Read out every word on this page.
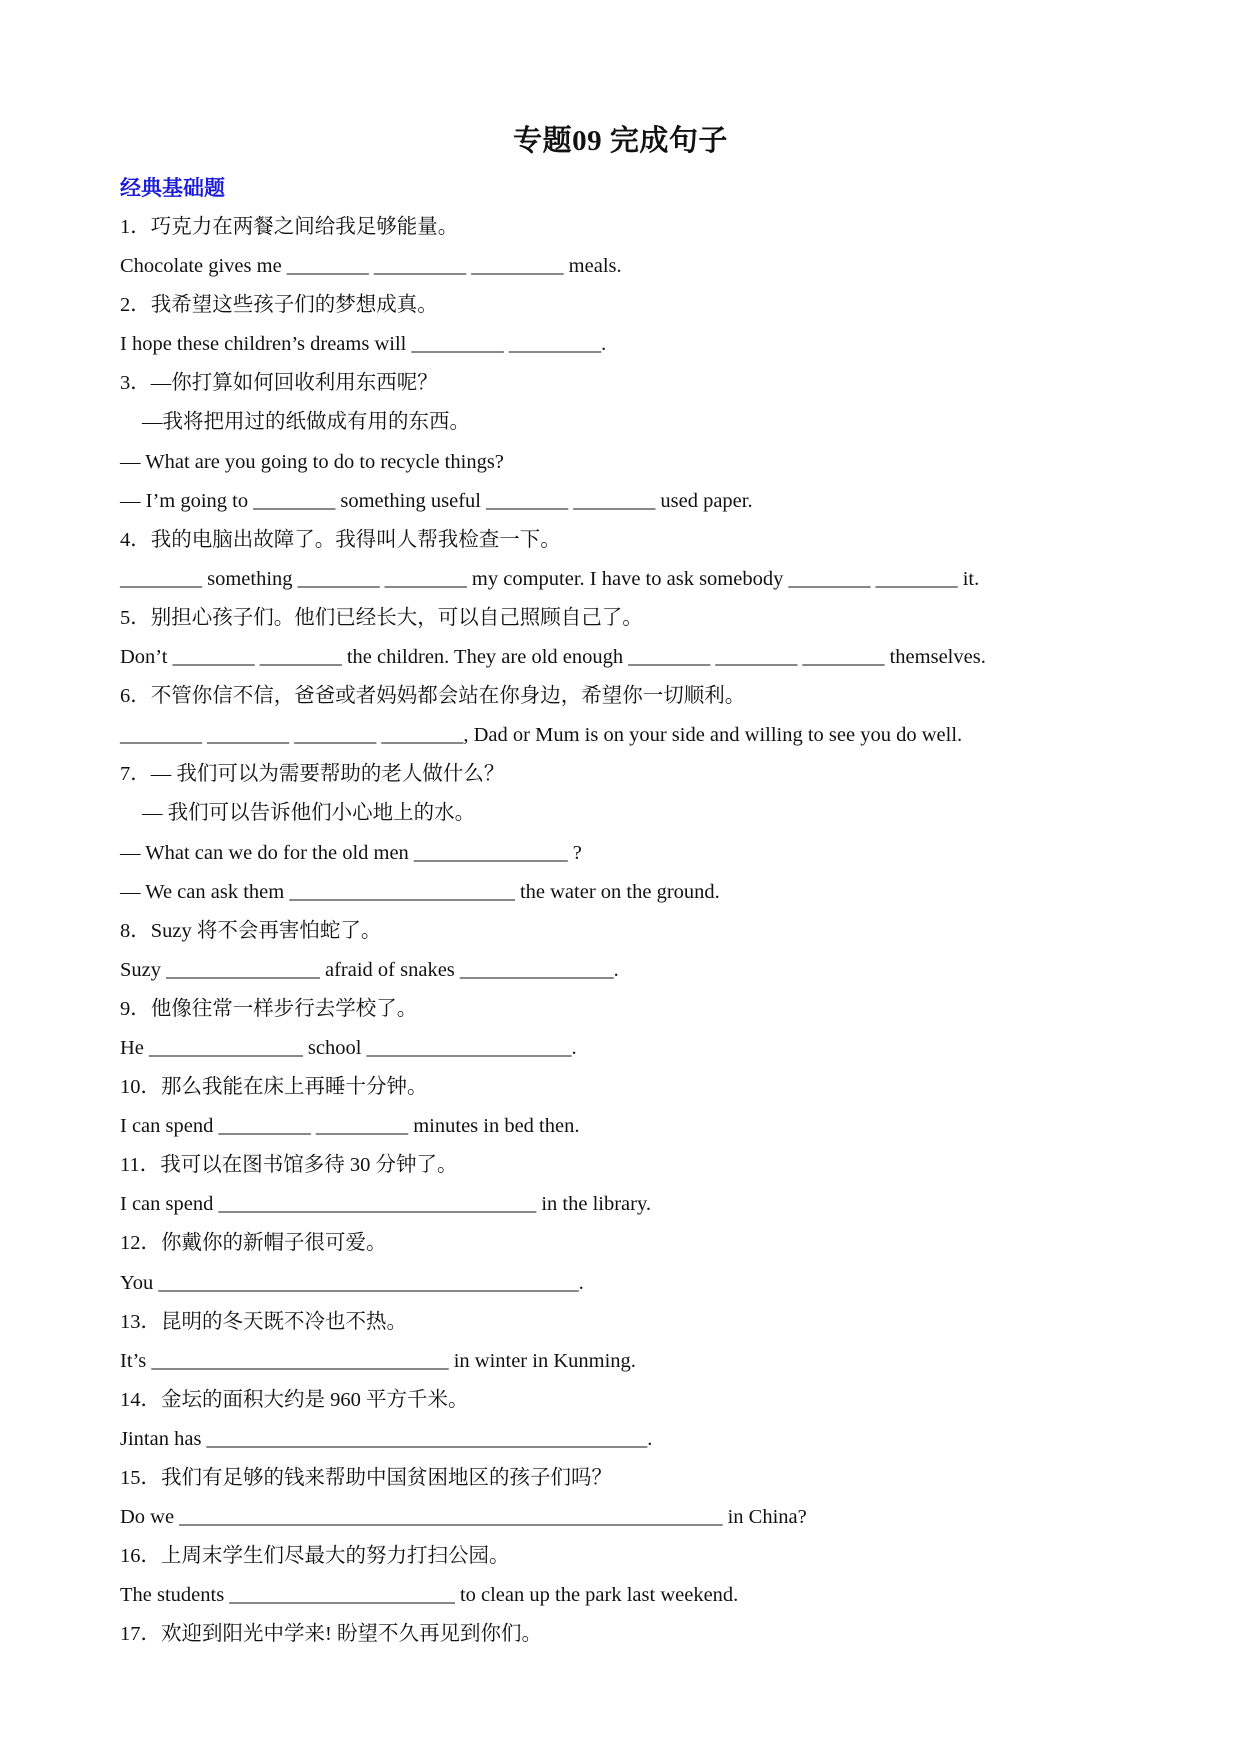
专题09 完成句子
经典基础题
1．巧克力在两餐之间给我足够能量。
Chocolate gives me ________ _________ _________ meals.
2．我希望这些孩子们的梦想成真。
I hope these children’s dreams will _________ _________.
3．—你打算如何回收利用东西呢？
—我将把用过的纸做成有用的东西。
— What are you going to do to recycle things?
— I’m going to ________ something useful ________ ________ used paper.
4．我的电脑出故障了。我得叫人帮我检查一下。
________ something ________ ________ my computer. I have to ask somebody ________ ________ it.
5．别担心孩子们。他们已经长大，可以自己照顾自己了。
Don’t ________ ________ the children. They are old enough ________ ________ ________ themselves.
6．不管你信不信，爸爸或者妈妈都会站在你身边，希望你一切顺利。
________ ________ ________ ________, Dad or Mum is on your side and willing to see you do well.
7．— 我们可以为需要帮助的老人做什么？
— 我们可以告诉他们小心地上的水。
— What can we do for the old men _______________ ?
— We can ask them ______________________ the water on the ground.
8．Suzy 将不会再害怕蛇了。
Suzy _______________ afraid of snakes _______________.
9．他像往常一样步行去学校了。
He _______________ school ____________________.
10．那么我能在床上再睡十分钟。
I can spend _________ _________ minutes in bed then.
11．我可以在图书馆多待 30 分钟了。
I can spend _______________________________ in the library.
12．你戴你的新帽子很可爱。
You _________________________________________.
13．昆明的冬天既不冷也不热。
It’s _____________________________ in winter in Kunming.
14．金坛的面积大约是 960 平方千米。
Jintan has ___________________________________________.
15．我们有足够的钱来帮助中国贫困地区的孩子们吗？
Do we _____________________________________________________ in China?
16．上周末学生们尽最大的努力打扫公园。
The students ______________________ to clean up the park last weekend.
17．欢迎到阳光中学来! 盼望不久再见到你们。
